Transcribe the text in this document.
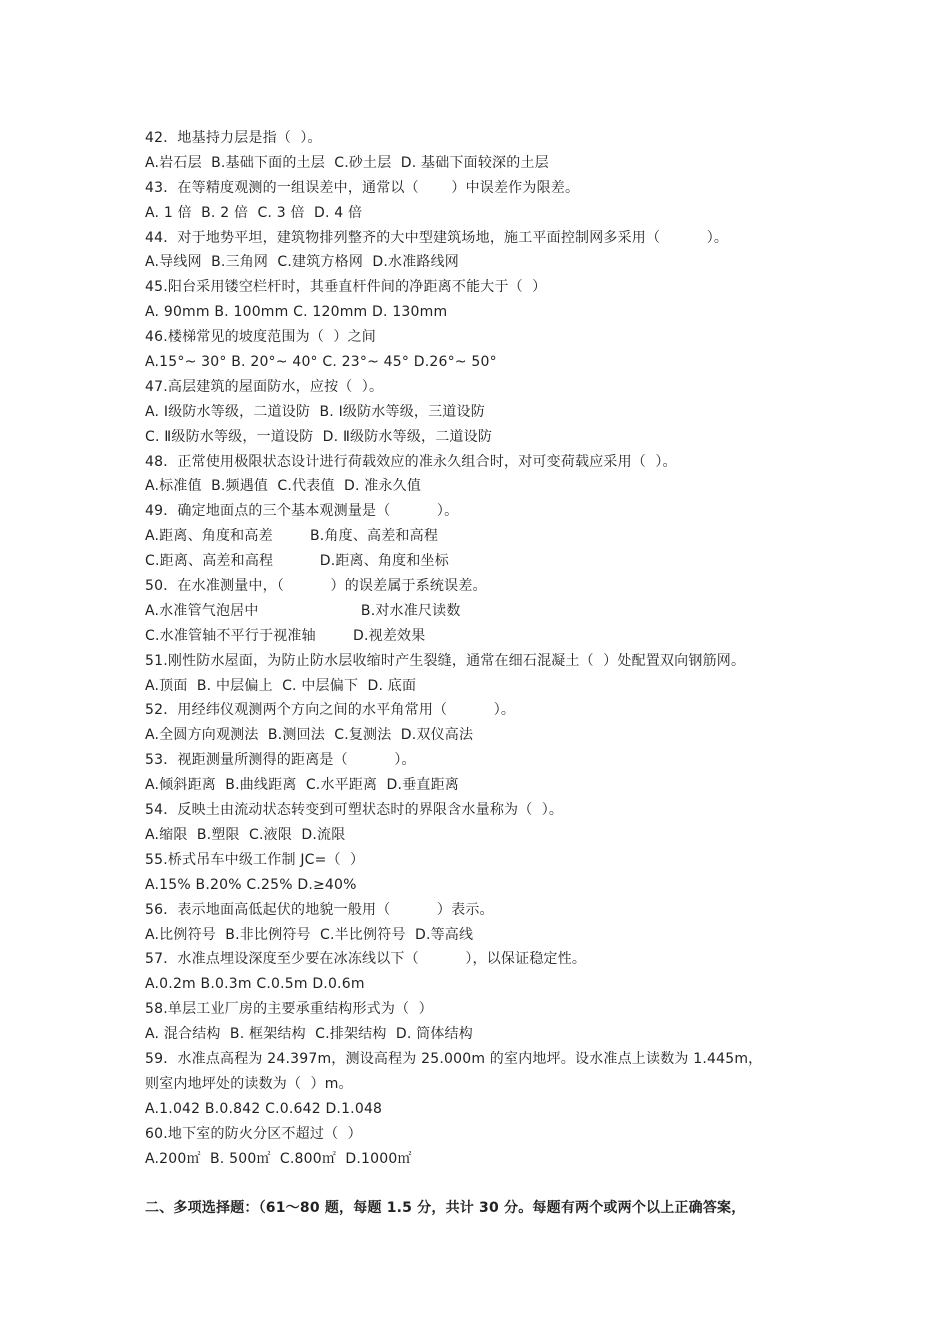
42．地基持力层是指（  ）。
A.岩石层  B.基础下面的土层  C.砂土层  D. 基础下面较深的土层
43．在等精度观测的一组误差中，通常以（       ）中误差作为限差。
A. 1 倍  B. 2 倍  C. 3 倍  D. 4 倍
44．对于地势平坦，建筑物排列整齐的大中型建筑场地，施工平面控制网多采用（          ）。
A.导线网  B.三角网  C.建筑方格网  D.水准路线网
45.阳台采用镂空栏杆时，其垂直杆件间的净距离不能大于（  ）
A. 90mm B. 100mm C. 120mm D. 130mm
46.楼梯常见的坡度范围为（  ）之间
A.15°~ 30° B. 20°~ 40° C. 23°~ 45° D.26°~ 50°
47.高层建筑的屋面防水，应按（  ）。
A. Ⅰ级防水等级，二道设防  B. Ⅰ级防水等级，三道设防
C. Ⅱ级防水等级，一道设防  D. Ⅱ级防水等级，二道设防
48．正常使用极限状态设计进行荷载效应的准永久组合时，对可变荷载应采用（  ）。
A.标准值  B.频遇值  C.代表值  D. 准永久值
49．确定地面点的三个基本观测量是（          ）。
A.距离、角度和高差        B.角度、高差和高程
C.距离、高差和高程          D.距离、角度和坐标
50．在水准测量中，（          ）的误差属于系统误差。
A.水准管气泡居中                      B.对水准尺读数
C.水准管轴不平行于视准轴        D.视差效果
51.刚性防水屋面，为防止防水层收缩时产生裂缝，通常在细石混凝土（  ）处配置双向钢筋网。
A.顶面  B. 中层偏上  C. 中层偏下  D. 底面
52．用经纬仪观测两个方向之间的水平角常用（          ）。
A.全圆方向观测法  B.测回法  C.复测法  D.双仪高法
53．视距测量所测得的距离是（          ）。
A.倾斜距离  B.曲线距离  C.水平距离  D.垂直距离
54．反映土由流动状态转变到可塑状态时的界限含水量称为（  ）。
A.缩限  B.塑限  C.液限  D.流限
55.桥式吊车中级工作制 JC=（  ）
A.15% B.20% C.25% D.≥40%
56．表示地面高低起伏的地貌一般用（          ）表示。
A.比例符号  B.非比例符号  C.半比例符号  D.等高线
57．水准点埋设深度至少要在冰冻线以下（          ），以保证稳定性。
A.0.2m B.0.3m C.0.5m D.0.6m
58.单层工业厂房的主要承重结构形式为（  ）
A. 混合结构  B. 框架结构  C.排架结构  D. 筒体结构
59．水准点高程为 24.397m，测设高程为 25.000m 的室内地坪。设水准点上读数为 1.445m，
则室内地坪处的读数为（  ）m。
A.1.042 B.0.842 C.0.642 D.1.048
60.地下室的防火分区不超过（  ）
A.200㎡  B. 500㎡  C.800㎡  D.1000㎡
二、多项选择题：（61～80 题，每题 1.5 分，共计 30 分。每题有两个或两个以上正确答案，
